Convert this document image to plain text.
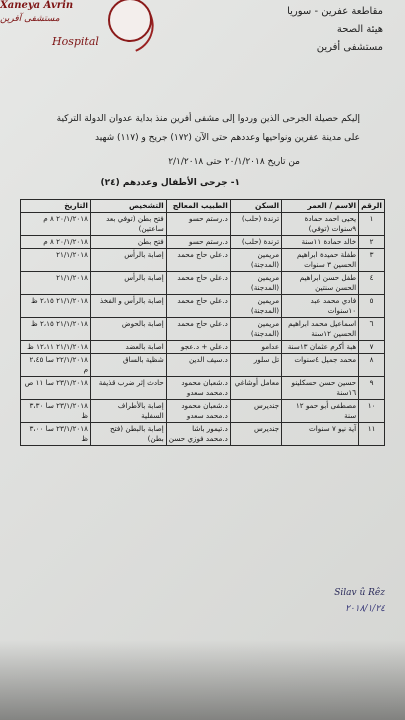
Xaneya Avrin
مستشفى آفرين
Hospital
مقاطعة عفرين - سوريا
هيئة الصحة
مستشفى أفرين
إليكم حصيلة الجرحى الذين وردوا إلى مشفى أفرين منذ بداية عدوان الدولة التركية
على مدينة عفرين ونواحيها وعددهم حتى الآن (١٧٢) جريح و (١١٧) شهيد
من تاريخ ٢٠/١/٢٠١٨ حتى ٢/١/٢٠١٨
١- جرحى الأطفال وعددهم (٢٤)
الرقم	الاسم / العمر	السكن	الطبيب المعالج	التشخيص	التاريخ
١	يحيى احمد حمادة ٩سنوات (توفي)	ترندة (حلب)	د.رستم حسو	فتح بطن (توفي بعد ساعتين)	٢٠/١/٢٠١٨ ٨ م
٢	خالد حمادة ١١سنة	ترندة (حلب)	د.رستم حسو	فتح بطن	٢٠/١/٢٠١٨ ٨ م
٣	طفلة حميدة ابراهيم الحسين ٣ سنوات	مريمين (المدجنة)	د.علي حاج محمد	إصابة بالرأس	٢١/١/٢٠١٨
٤	طفل حسن ابراهيم الحسن سنتين	مريمين (المدجنة)	د.علي حاج محمد	إصابة بالرأس	٢١/١/٢٠١٨
٥	فادي محمد عبد ١٠سنوات	مريمين (المدجنة)	د.علي حاج محمد	إصابة بالرأس و الفخذ	٢١/١/٢٠١٨ ٢،١٥ ظ
٦	اسماعيل محمد ابراهيم الحسين ١٢سنة	مريمين (المدجنة)	د.علي حاج محمد	إصابة بالحوض	٢١/١/٢٠١٨ ٢،١٥ ظ
٧	هبة أكرم عثمان ١٣سنة	عدامو	د.علي + د.عجو	اصابة بالعضد	٢١/١/٢٠١٨ ١٢،١١ ظ
٨	محمد جميل ٤سنوات	تل سلور	د.سيف الدين	شظية بالساق	٢٢/١/٢٠١٨ سا ٢،٤٥ م
٩	حسين حسن حسكلينو ١٦سنة	معامل أوشاغي	د.شعبان محمود د.محمد سعدو	حادث إثر ضرب قذيفة	٢٣/١/٢٠١٨ سا ١١ ص
١٠	مصطفى أبو حمو ١٢ سنة	جنديرس	د.شعبان محمود د.محمد سعدو	إصابة بالأطراف السفلية	٢٣/١/٢٠١٨ سا ٣،٣٠ ظ
١١	آية نيو ٧ سنوات	جنديرس	د.تيمور باشا د.محمد فوزي حسن	إصابة بالبطن (فتح بطن)	٢٣/١/٢٠١٨ سا ٣،٠٠ ظ
Silav û Rêz
٢٠١٨/١/٢٤
